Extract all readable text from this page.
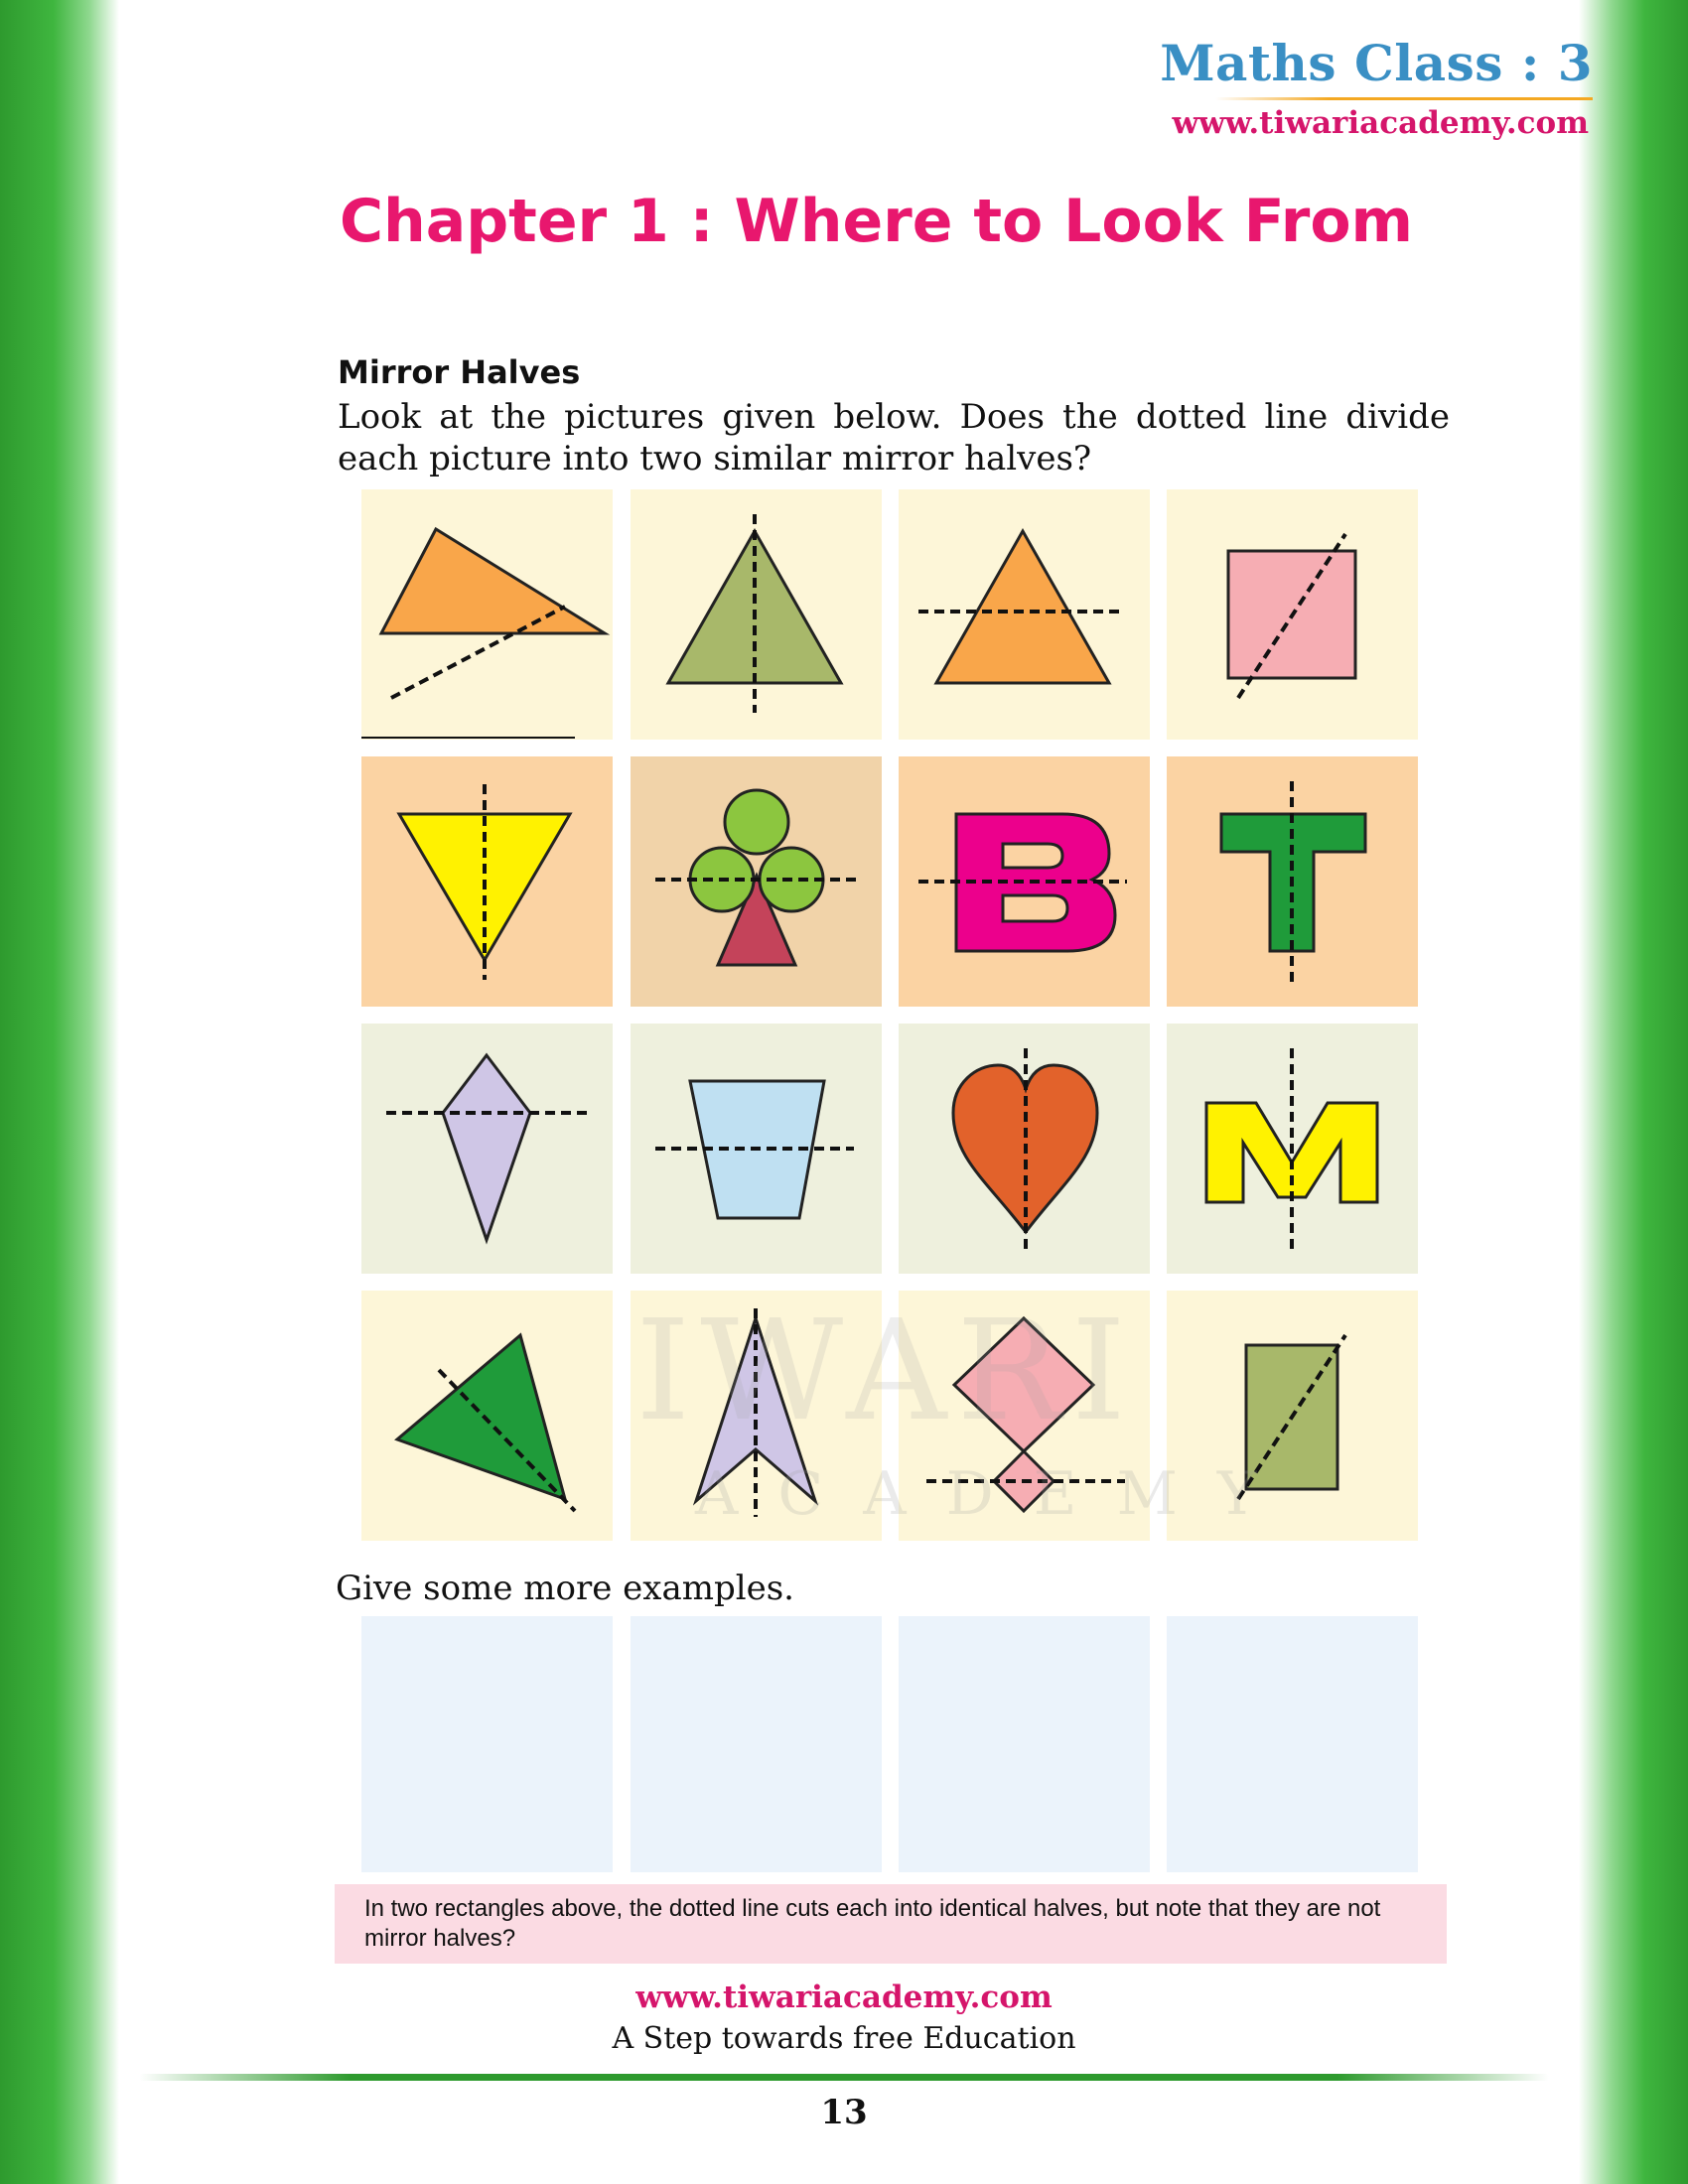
Maths Class : 3
www.tiwariacademy.com
Chapter 1 : Where to Look From
Mirror Halves
Look at the pictures given below. Does the dotted line divide
each picture into two similar mirror halves?
IWARI
ACADEMY
Give some more examples.
In two rectangles above, the dotted line cuts each into identical halves, but note that they are not mirror halves?
www.tiwariacademy.com
A Step towards free Education
13
